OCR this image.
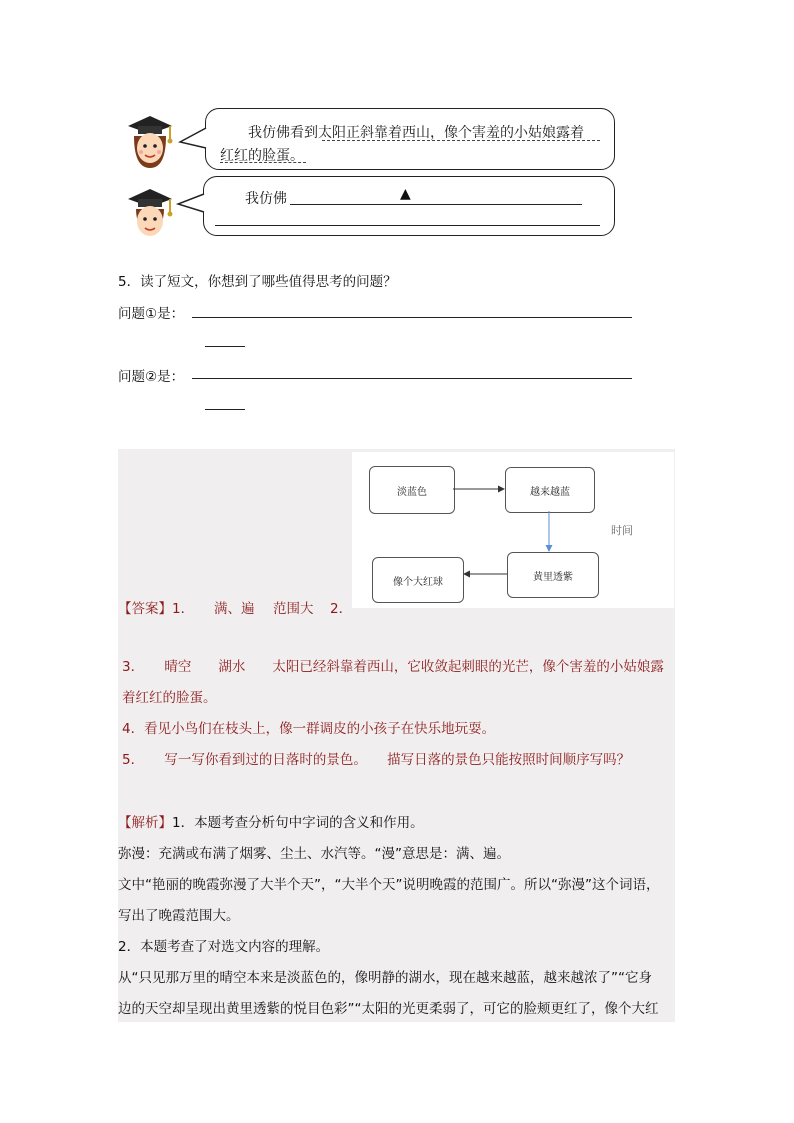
我仿佛看到太阳正斜靠着西山，像个害羞的小姑娘露着
红红的脸蛋。
我仿佛	▲
5．读了短文，你想到了哪些值得思考的问题？
问题①是：
问题②是：
淡蓝色	越来越蓝
黄里透紫
像个大红球
时间
【答案】 1． 满、遍 范围大 2．
3．　　晴空　　湖水　　太阳已经斜靠着西山，它收敛起刺眼的光芒，像个害羞的小姑娘露
着红红的脸蛋。
4．看见小鸟们在枝头上，像一群调皮的小孩子在快乐地玩耍。
5．　　写一写你看到过的日落时的景色。　　描写日落的景色只能按照时间顺序写吗？
【解析】 1．本题考查分析句中字词的含义和作用。
弥漫：充满或布满了烟雾、尘土、水汽等。“漫”意思是：满、遍。
文中“艳丽的晚霞弥漫了大半个天”，“大半个天”说明晚霞的范围广。所以“弥漫”这个词语，
写出了晚霞范围大。
2．本题考查了对选文内容的理解。
从“只见那万里的晴空本来是淡蓝色的，像明静的湖水，现在越来越蓝，越来越浓了”“它身
边的天空却呈现出黄里透紫的悦目色彩”“太阳的光更柔弱了，可它的脸颊更红了，像个大红
